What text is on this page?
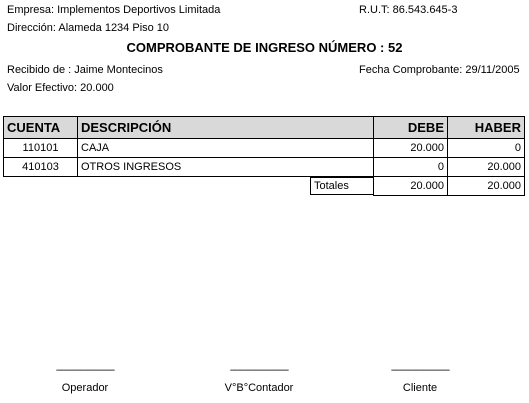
Empresa: Implementos Deportivos Limitada	R.U.T: 86.543.645-3
Dirección: Alameda 1234 Piso 10
COMPROBANTE DE INGRESO NÚMERO : 52
Recibido de : Jaime Montecinos	Fecha Comprobante: 29/11/2005
Valor Efectivo: 20.000
CUENTA	DESCRIPCIÓN	DEBE	HABER
110101	CAJA	20.000	0
410103	OTROS INGRESOS	0	20.000

Totales		20.000	20.000
-------------------------
Operador
-------------------------
V°B°Contador
-------------------------
Cliente
